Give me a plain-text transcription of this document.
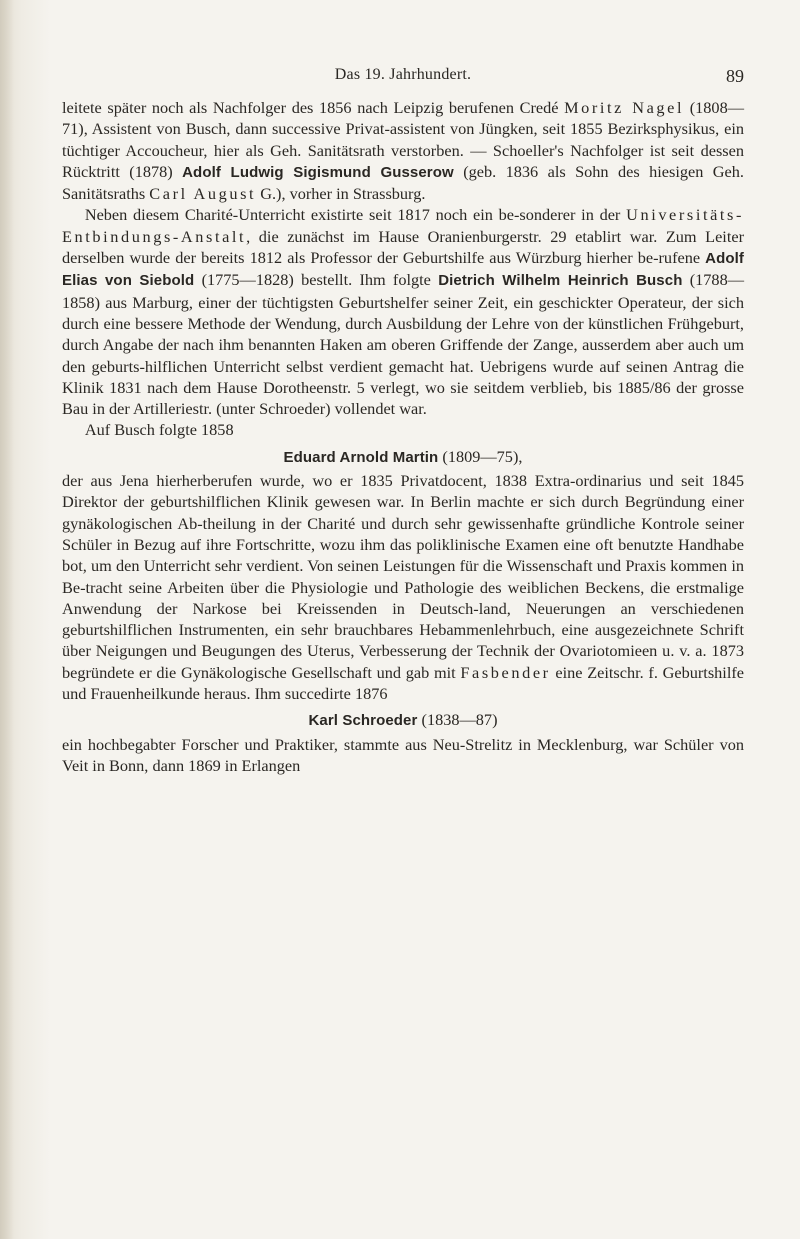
Das 19. Jahrhundert.	89

leitete später noch als Nachfolger des 1856 nach Leipzig berufenen Credé Moritz Nagel (1808—71), Assistent von Busch, dann successive Privat-assistent von Jüngken, seit 1855 Bezirksphysikus, ein tüchtiger Accoucheur, hier als Geh. Sanitätsrath verstorben. — Schoeller's Nachfolger ist seit dessen Rücktritt (1878) Adolf Ludwig Sigismund Gusserow (geb. 1836 als Sohn des hiesigen Geh. Sanitätsraths Carl August G.), vorher in Strassburg.

Neben diesem Charité-Unterricht existirte seit 1817 noch ein be-sonderer in der Universitäts-Entbindungs-Anstalt, die zunächst im Hause Oranienburgerstr. 29 etablirt war. Zum Leiter derselben wurde der bereits 1812 als Professor der Geburtshilfe aus Würzburg hierher be-rufene Adolf Elias von Siebold (1775—1828) bestellt. Ihm folgte Dietrich Wilhelm Heinrich Busch (1788—1858) aus Marburg, einer der tüchtigsten Geburtshelfer seiner Zeit, ein geschickter Operateur, der sich durch eine bessere Methode der Wendung, durch Ausbildung der Lehre von der künstlichen Frühgeburt, durch Angabe der nach ihm benannten Haken am oberen Griffende der Zange, ausserdem aber auch um den geburts-hilflichen Unterricht selbst verdient gemacht hat. Uebrigens wurde auf seinen Antrag die Klinik 1831 nach dem Hause Dorotheenstr. 5 verlegt, wo sie seitdem verblieb, bis 1885/86 der grosse Bau in der Artilleriestr. (unter Schroeder) vollendet war.

Auf Busch folgte 1858

Eduard Arnold Martin (1809—75),

der aus Jena hierherberufen wurde, wo er 1835 Privatdocent, 1838 Extra-ordinarius und seit 1845 Direktor der geburtshilflichen Klinik gewesen war. In Berlin machte er sich durch Begründung einer gynäkologischen Ab-theilung in der Charité und durch sehr gewissenhafte gründliche Kontrole seiner Schüler in Bezug auf ihre Fortschritte, wozu ihm das poliklinische Examen eine oft benutzte Handhabe bot, um den Unterricht sehr verdient. Von seinen Leistungen für die Wissenschaft und Praxis kommen in Be-tracht seine Arbeiten über die Physiologie und Pathologie des weiblichen Beckens, die erstmalige Anwendung der Narkose bei Kreissenden in Deutsch-land, Neuerungen an verschiedenen geburtshilflichen Instrumenten, ein sehr brauchbares Hebammenlehrbuch, eine ausgezeichnete Schrift über Neigungen und Beugungen des Uterus, Verbesserung der Technik der Ovariotomieen u. v. a. 1873 begründete er die Gynäkologische Gesellschaft und gab mit Fasbender eine Zeitschr. f. Geburtshilfe und Frauenheilkunde heraus. Ihm succedirte 1876

Karl Schroeder (1838—87)

ein hochbegabter Forscher und Praktiker, stammte aus Neu-Strelitz in Mecklenburg, war Schüler von Veit in Bonn, dann 1869 in Erlangen
